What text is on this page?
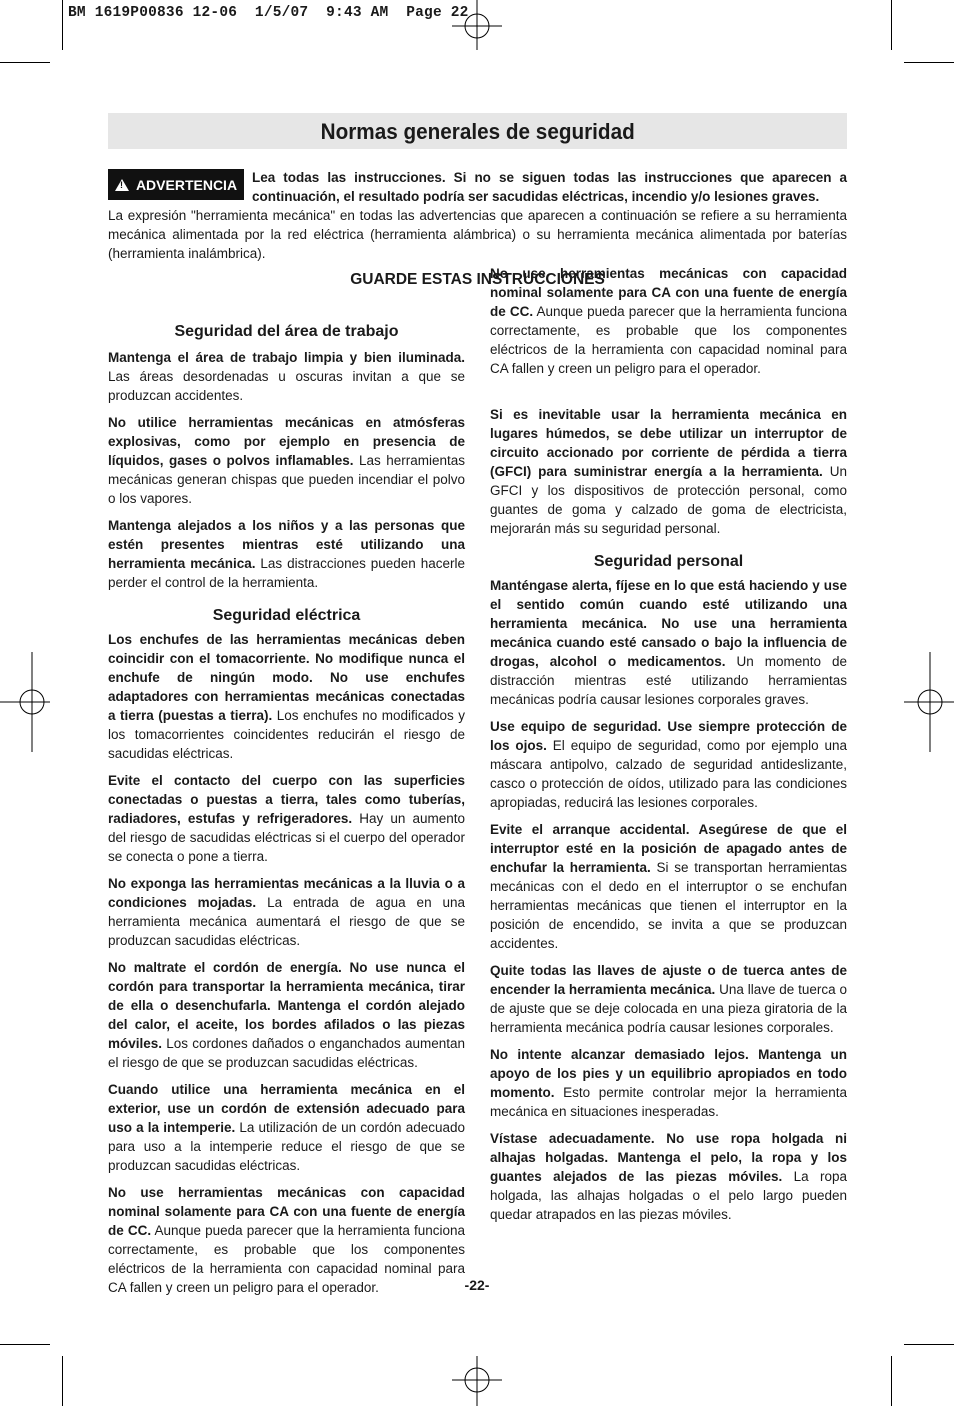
BM 1619P00836 12-06  1/5/07  9:43 AM  Page 22
Normas generales de seguridad
!
ADVERTENCIA Lea todas las instrucciones. Si no se siguen todas las instrucciones que aparecen a continuación, el resultado podría ser sacudidas eléctricas, incendio y/o lesiones graves.
La expresión "herramienta mecánica" en todas las advertencias que aparecen a continuación se refiere a su herramienta mecánica alimentada por la red eléctrica (herramienta alámbrica) o su herramienta mecánica alimentada por baterías (herramienta inalámbrica).
GUARDE ESTAS INSTRUCCIONES
Seguridad del área de trabajo

Mantenga el área de trabajo limpia y bien iluminada. Las áreas desordenadas u oscuras invitan a que se produzcan accidentes.

No utilice herramientas mecánicas en atmósferas explosivas, como por ejemplo en presencia de líquidos, gases o polvos inflamables. Las herramientas mecánicas generan chispas que pueden incendiar el polvo o los vapores.

Mantenga alejados a los niños y a las personas que estén presentes mientras esté utilizando una herramienta mecánica. Las distracciones pueden hacerle perder el control de la herramienta.

Seguridad eléctrica

Los enchufes de las herramientas mecánicas deben coincidir con el tomacorriente. No modifique nunca el enchufe de ningún modo. No use enchufes adaptadores con herramientas mecánicas conectadas a tierra (puestas a tierra). Los enchufes no modificados y los tomacorrientes coincidentes reducirán el riesgo de sacudidas eléctricas.

Evite el contacto del cuerpo con las superficies conectadas o puestas a tierra, tales como tuberías, radiadores, estufas y refrigeradores. Hay un aumento del riesgo de sacudidas eléctricas si el cuerpo del operador se conecta o pone a tierra.

No exponga las herramientas mecánicas a la lluvia o a condiciones mojadas. La entrada de agua en una herramienta mecánica aumentará el riesgo de que se produzcan sacudidas eléctricas.

No maltrate el cordón de energía. No use nunca el cordón para transportar la herramienta mecánica, tirar de ella o desenchufarla. Mantenga el cordón alejado del calor, el aceite, los bordes afilados o las piezas móviles. Los cordones dañados o enganchados aumentan el riesgo de que se produzcan sacudidas eléctricas.

Cuando utilice una herramienta mecánica en el exterior, use un cordón de extensión adecuado para uso a la intemperie. La utilización de un cordón adecuado para uso a la intemperie reduce el riesgo de que se produzcan sacudidas eléctricas.

No use herramientas mecánicas con capacidad nominal solamente para CA con una fuente de energía de CC. Aunque pueda parecer que la herramienta funciona correctamente, es probable que los componentes eléctricos de la herramienta con capacidad nominal para CA fallen y creen un peligro para el operador.

No use herramientas mecánicas con capacidad nominal solamente para CA con una fuente de energía de CC. Aunque pueda parecer que la herramienta funciona correctamente, es probable que los componentes eléctricos de la herramienta con capacidad nominal para CA fallen y creen un peligro para el operador.

Si es inevitable usar la herramienta mecánica en lugares húmedos, se debe utilizar un interruptor de circuito accionado por corriente de pérdida a tierra (GFCI) para suministrar energía a la herramienta. Un GFCI y los dispositivos de protección personal, como guantes de goma y calzado de goma de electricista, mejorarán más su seguridad personal.

Seguridad personal

Manténgase alerta, fíjese en lo que está haciendo y use el sentido común cuando esté utilizando una herramienta mecánica. No use una herramienta mecánica cuando esté cansado o bajo la influencia de drogas, alcohol o medicamentos. Un momento de distracción mientras esté utilizando herramientas mecánicas podría causar lesiones corporales graves.

Use equipo de seguridad. Use siempre protección de los ojos. El equipo de seguridad, como por ejemplo una máscara antipolvo, calzado de seguridad antideslizante, casco o protección de oídos, utilizado para las condiciones apropiadas, reducirá las lesiones corporales.

Evite el arranque accidental. Asegúrese de que el interruptor esté en la posición de apagado antes de enchufar la herramienta. Si se transportan herramientas mecánicas con el dedo en el interruptor o se enchufan herramientas mecánicas que tienen el interruptor en la posición de encendido, se invita a que se produzcan accidentes.

Quite todas las llaves de ajuste o de tuerca antes de encender la herramienta mecánica. Una llave de tuerca o de ajuste que se deje colocada en una pieza giratoria de la herramienta mecánica podría causar lesiones corporales.

No intente alcanzar demasiado lejos. Mantenga un apoyo de los pies y un equilibrio apropiados en todo momento. Esto permite controlar mejor la herramienta mecánica en situaciones inesperadas.

Vístase adecuadamente. No use ropa holgada ni alhajas holgadas. Mantenga el pelo, la ropa y los guantes alejados de las piezas móviles. La ropa holgada, las alhajas holgadas o el pelo largo pueden quedar atrapados en las piezas móviles.

-22-
